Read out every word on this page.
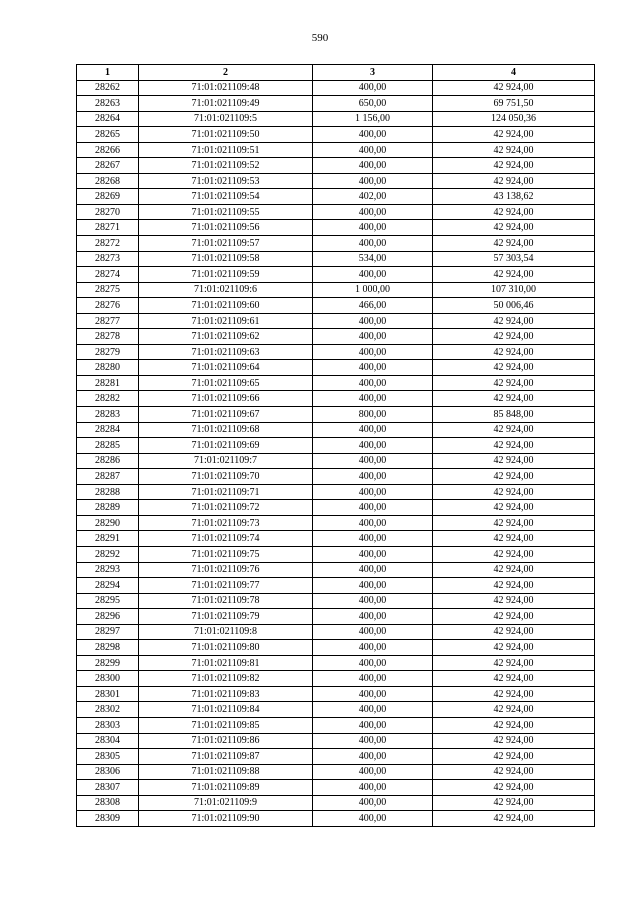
590
1	2	3	4
28262	71:01:021109:48	400,00	42 924,00
28263	71:01:021109:49	650,00	69 751,50
28264	71:01:021109:5	1 156,00	124 050,36
28265	71:01:021109:50	400,00	42 924,00
28266	71:01:021109:51	400,00	42 924,00
28267	71:01:021109:52	400,00	42 924,00
28268	71:01:021109:53	400,00	42 924,00
28269	71:01:021109:54	402,00	43 138,62
28270	71:01:021109:55	400,00	42 924,00
28271	71:01:021109:56	400,00	42 924,00
28272	71:01:021109:57	400,00	42 924,00
28273	71:01:021109:58	534,00	57 303,54
28274	71:01:021109:59	400,00	42 924,00
28275	71:01:021109:6	1 000,00	107 310,00
28276	71:01:021109:60	466,00	50 006,46
28277	71:01:021109:61	400,00	42 924,00
28278	71:01:021109:62	400,00	42 924,00
28279	71:01:021109:63	400,00	42 924,00
28280	71:01:021109:64	400,00	42 924,00
28281	71:01:021109:65	400,00	42 924,00
28282	71:01:021109:66	400,00	42 924,00
28283	71:01:021109:67	800,00	85 848,00
28284	71:01:021109:68	400,00	42 924,00
28285	71:01:021109:69	400,00	42 924,00
28286	71:01:021109:7	400,00	42 924,00
28287	71:01:021109:70	400,00	42 924,00
28288	71:01:021109:71	400,00	42 924,00
28289	71:01:021109:72	400,00	42 924,00
28290	71:01:021109:73	400,00	42 924,00
28291	71:01:021109:74	400,00	42 924,00
28292	71:01:021109:75	400,00	42 924,00
28293	71:01:021109:76	400,00	42 924,00
28294	71:01:021109:77	400,00	42 924,00
28295	71:01:021109:78	400,00	42 924,00
28296	71:01:021109:79	400,00	42 924,00
28297	71:01:021109:8	400,00	42 924,00
28298	71:01:021109:80	400,00	42 924,00
28299	71:01:021109:81	400,00	42 924,00
28300	71:01:021109:82	400,00	42 924,00
28301	71:01:021109:83	400,00	42 924,00
28302	71:01:021109:84	400,00	42 924,00
28303	71:01:021109:85	400,00	42 924,00
28304	71:01:021109:86	400,00	42 924,00
28305	71:01:021109:87	400,00	42 924,00
28306	71:01:021109:88	400,00	42 924,00
28307	71:01:021109:89	400,00	42 924,00
28308	71:01:021109:9	400,00	42 924,00
28309	71:01:021109:90	400,00	42 924,00
